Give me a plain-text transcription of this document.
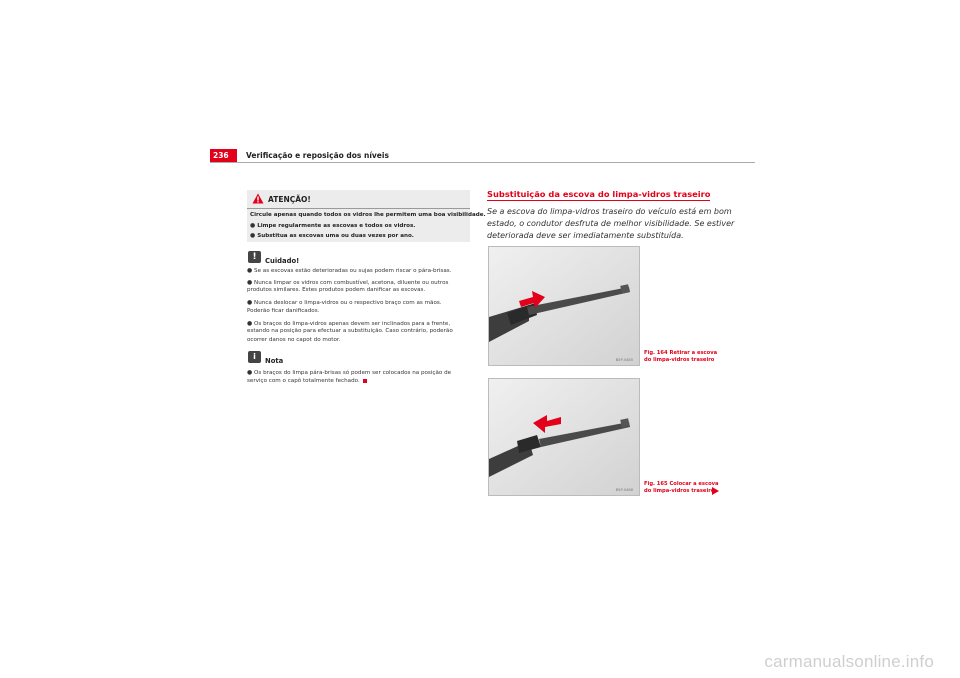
236	Verificação e reposição dos níveis
ATENÇÃO!
Circule apenas quando todos os vidros lhe permitem uma boa visibilidade.
● Limpe regularmente as escovas e todos os vidros.
● Substitua as escovas uma ou duas vezes por ano.
!	Cuidado!
● Se as escovas estão deterioradas ou sujas podem riscar o pára-brisas.
● Nunca limpar os vidros com combustível, acetona, diluente ou outros
produtos similares. Estes produtos podem danificar as escovas.
● Nunca deslocar o limpa-vidros ou o respectivo braço com as mãos.
Poderão ficar danificados.
● Os braços do limpa-vidros apenas devem ser inclinados para a frente,
estando na posição para efectuar a substituição. Caso contrário, poderão
ocorrer danos no capot do motor.
i	Nota
● Os braços do limpa pára-brisas só podem ser colocados na posição de
serviço com o capô totalmente fechado.
Substituição da escova do limpa-vidros traseiro
Se a escova do limpa-vidros traseiro do veículo está em bom
estado, o condutor desfruta de melhor visibilidade. Se estiver
deteriorada deve ser imediatamente substituída.
B5P-0485
Fig. 164 Retirar a escova
do limpa-vidros traseiro
B5P-0486
Fig. 165 Colocar a escova
do limpa-vidros traseiro
carmanualsonline.info
